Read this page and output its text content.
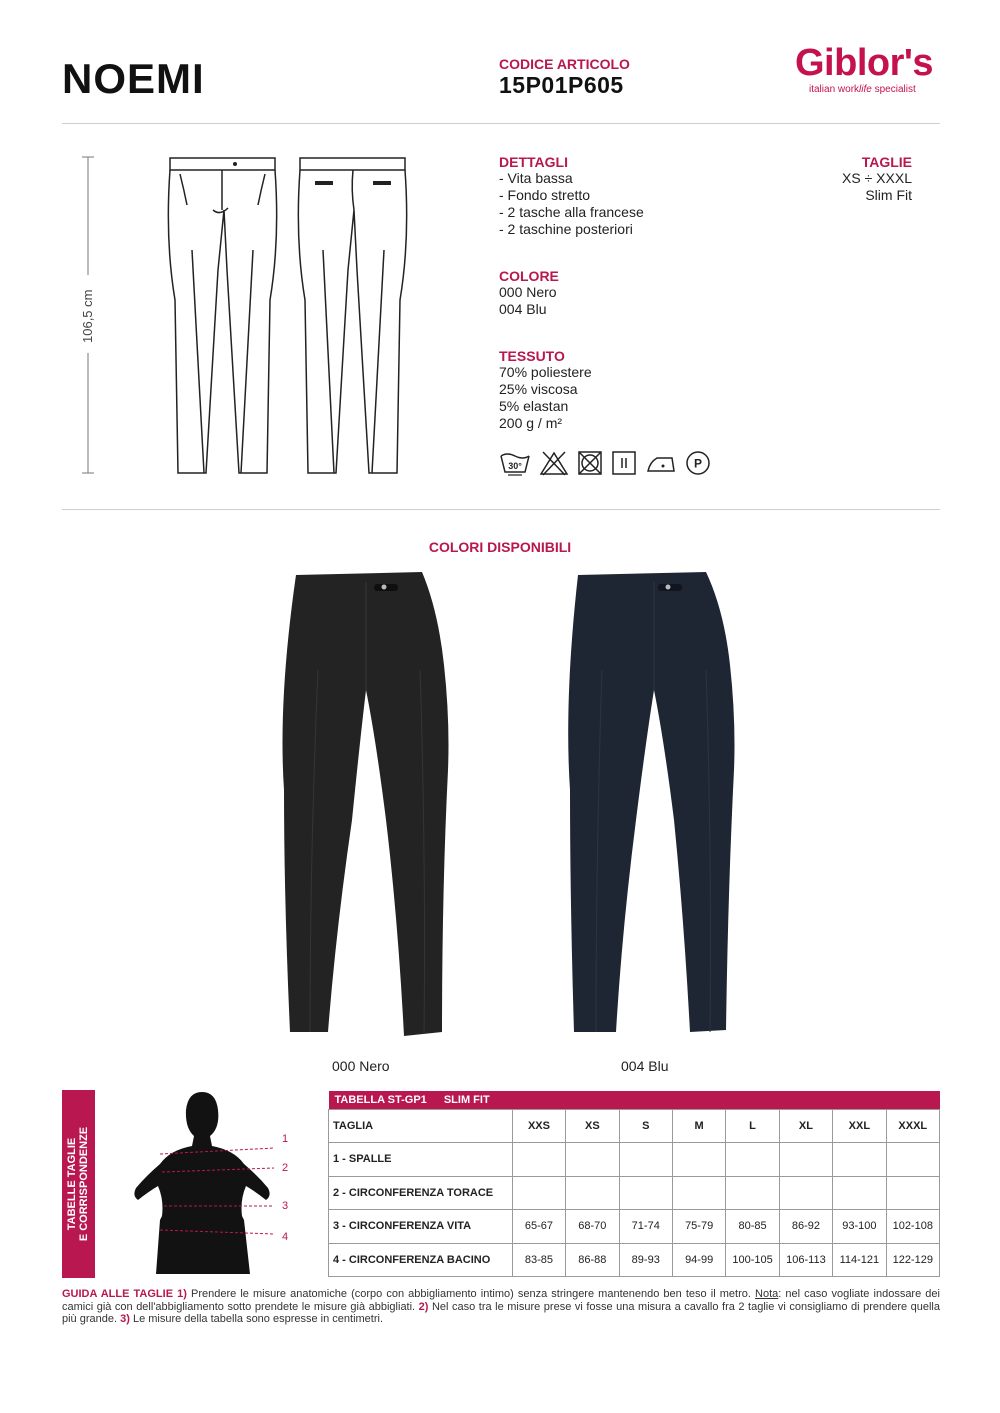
NOEMI	CODICE ARTICOLO
15P01P605
Giblor's
italian worklife specialist
106,5 cm
DETTAGLI
- Vita bassa
- Fondo stretto
- 2 tasche alla francese
- 2 taschine posteriori
TAGLIE
XS ÷ XXXL
Slim Fit
COLORE
000 Nero
004 Blu
TESSUTO
70% poliestere
25% viscosa
5% elastan
200 g / m²
30°	P
COLORI DISPONIBILI
000 Nero	004 Blu
TABELLE TAGLIE E CORRISPONDENZE	1
2
3
4
TABELLA ST-GP1 SLIM FIT								
TAGLIA	XXS	XS	S	M	L	XL	XXL	XXXL
1 - SPALLE								
2 - CIRCONFERENZA TORACE								
3 - CIRCONFERENZA VITA	65-67	68-70	71-74	75-79	80-85	86-92	93-100	102-108
4 - CIRCONFERENZA BACINO	83-85	86-88	89-93	94-99	100-105	106-113	114-121	122-129
GUIDA ALLE TAGLIE 1) Prendere le misure anatomiche (corpo con abbigliamento intimo) senza stringere mantenendo ben teso il metro. Nota: nel caso vogliate indossare dei camici già con dell'abbigliamento sotto prendete le misure già abbigliati. 2) Nel caso tra le misure prese vi fosse una misura a cavallo fra 2 taglie vi consigliamo di prendere quella più grande. 3) Le misure della tabella sono espresse in centimetri.
